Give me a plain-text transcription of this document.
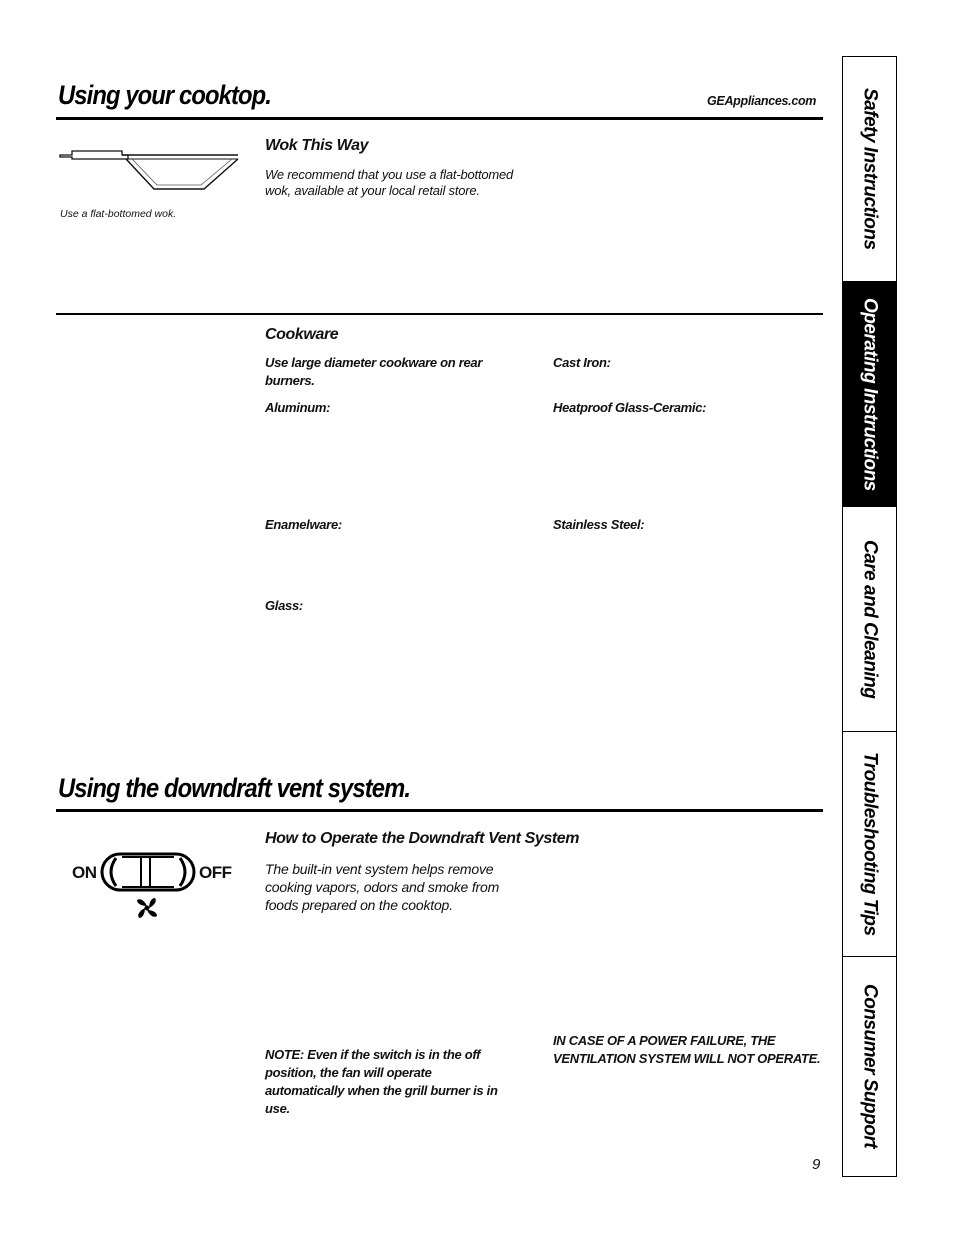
Using your cooktop.	GEAppliances.com
Use a flat-bottomed wok.
Wok This Way
We recommend that you use a flat-bottomed wok, available at your local retail store.
Cookware
Use large diameter cookware on rear burners.
Aluminum:
Enamelware:
Glass:
Cast Iron:
Heatproof Glass-Ceramic:
Stainless Steel:
Using the downdraft vent system.
ON	OFF
How to Operate the Downdraft Vent System
The built-in vent system helps remove cooking vapors, odors and smoke from foods prepared on the cooktop.
NOTE: Even if the switch is in the off position, the fan will operate automatically when the grill burner is in use.
IN CASE OF A POWER FAILURE, THE VENTILATION SYSTEM WILL NOT OPERATE.
Safety Instructions
Operating Instructions
Care and Cleaning
Troubleshooting Tips
Consumer Support
9
